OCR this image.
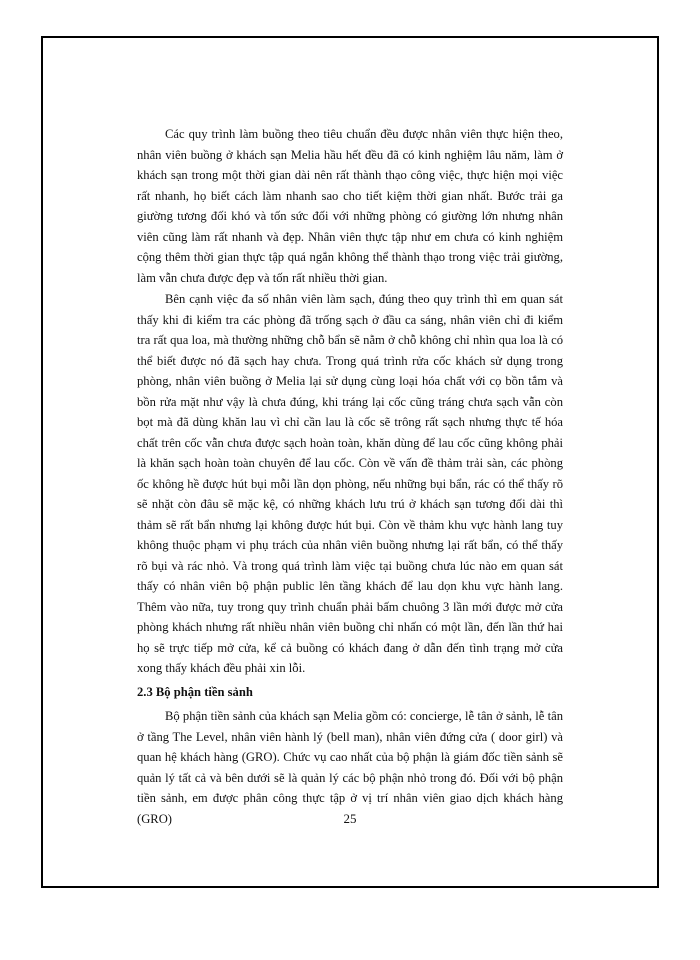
Các quy trình làm buồng theo tiêu chuẩn đều được nhân viên thực hiện theo, nhân viên buồng ở khách sạn Melia hầu hết đều đã có kinh nghiệm lâu năm, làm ở khách sạn trong một thời gian dài nên rất thành thạo công việc, thực hiện mọi việc rất nhanh, họ biết cách làm nhanh sao cho tiết kiệm thời gian nhất. Bước trải ga giường tương đối khó và tốn sức đối với những phòng có giường lớn nhưng nhân viên cũng làm rất nhanh và đẹp. Nhân viên thực tập như em chưa có kinh nghiệm cộng thêm thời gian thực tập quá ngắn không thể thành thạo trong việc trải giường, làm vẫn chưa được đẹp và tốn rất nhiều thời gian.

Bên cạnh việc đa số nhân viên làm sạch, đúng theo quy trình thì em quan sát thấy khi đi kiểm tra các phòng đã trống sạch ở đầu ca sáng, nhân viên chỉ đi kiểm tra rất qua loa, mà thường những chỗ bẩn sẽ nằm ở chỗ không chỉ nhìn qua loa là có thể biết được nó đã sạch hay chưa. Trong quá trình rửa cốc khách sử dụng trong phòng, nhân viên buồng ở Melia lại sử dụng cùng loại hóa chất với cọ bồn tắm và bồn rửa mặt như vậy là chưa đúng, khi tráng lại cốc cũng tráng chưa sạch vẫn còn bọt mà đã dùng khăn lau vì chỉ cần lau là cốc sẽ trông rất sạch nhưng thực tế hóa chất trên cốc vẫn chưa được sạch hoàn toàn, khăn dùng để lau cốc cũng không phải là khăn sạch hoàn toàn chuyên để lau cốc. Còn về vấn đề thảm trải sàn, các phòng ốc không hề được hút bụi mỗi lần dọn phòng, nếu những bụi bẩn, rác có thể thấy rõ sẽ nhặt còn đâu sẽ mặc kệ, có những khách lưu trú ở khách sạn tương đối dài thì thảm sẽ rất bẩn nhưng lại không được hút bụi. Còn về thảm khu vực hành lang tuy không thuộc phạm vi phụ trách của nhân viên buồng nhưng lại rất bẩn, có thể thấy rõ bụi và rác nhỏ. Và trong quá trình làm việc tại buồng chưa lúc nào em quan sát thấy có nhân viên bộ phận public lên tầng khách để lau dọn khu vực hành lang. Thêm vào nữa, tuy trong quy trình chuẩn phải bấm chuông 3 lần mới được mở cửa phòng khách nhưng rất nhiều nhân viên buồng chỉ nhấn có một lần, đến lần thứ hai họ sẽ trực tiếp mở cửa, kể cả buồng có khách đang ở dẫn đến tình trạng mở cửa xong thấy khách đều phải xin lỗi.

2.3 Bộ phận tiền sảnh

Bộ phận tiền sảnh của khách sạn Melia gồm có: concierge, lễ tân ở sảnh, lễ tân ở tầng The Level, nhân viên hành lý (bell man), nhân viên đứng cửa ( door girl) và quan hệ khách hàng (GRO). Chức vụ cao nhất của bộ phận là giám đốc tiền sảnh sẽ quản lý tất cả và bên dưới sẽ là quản lý các bộ phận nhỏ trong đó. Đối với bộ phận tiền sảnh, em được phân công thực tập ở vị trí nhân viên giao dịch khách hàng (GRO)	25
